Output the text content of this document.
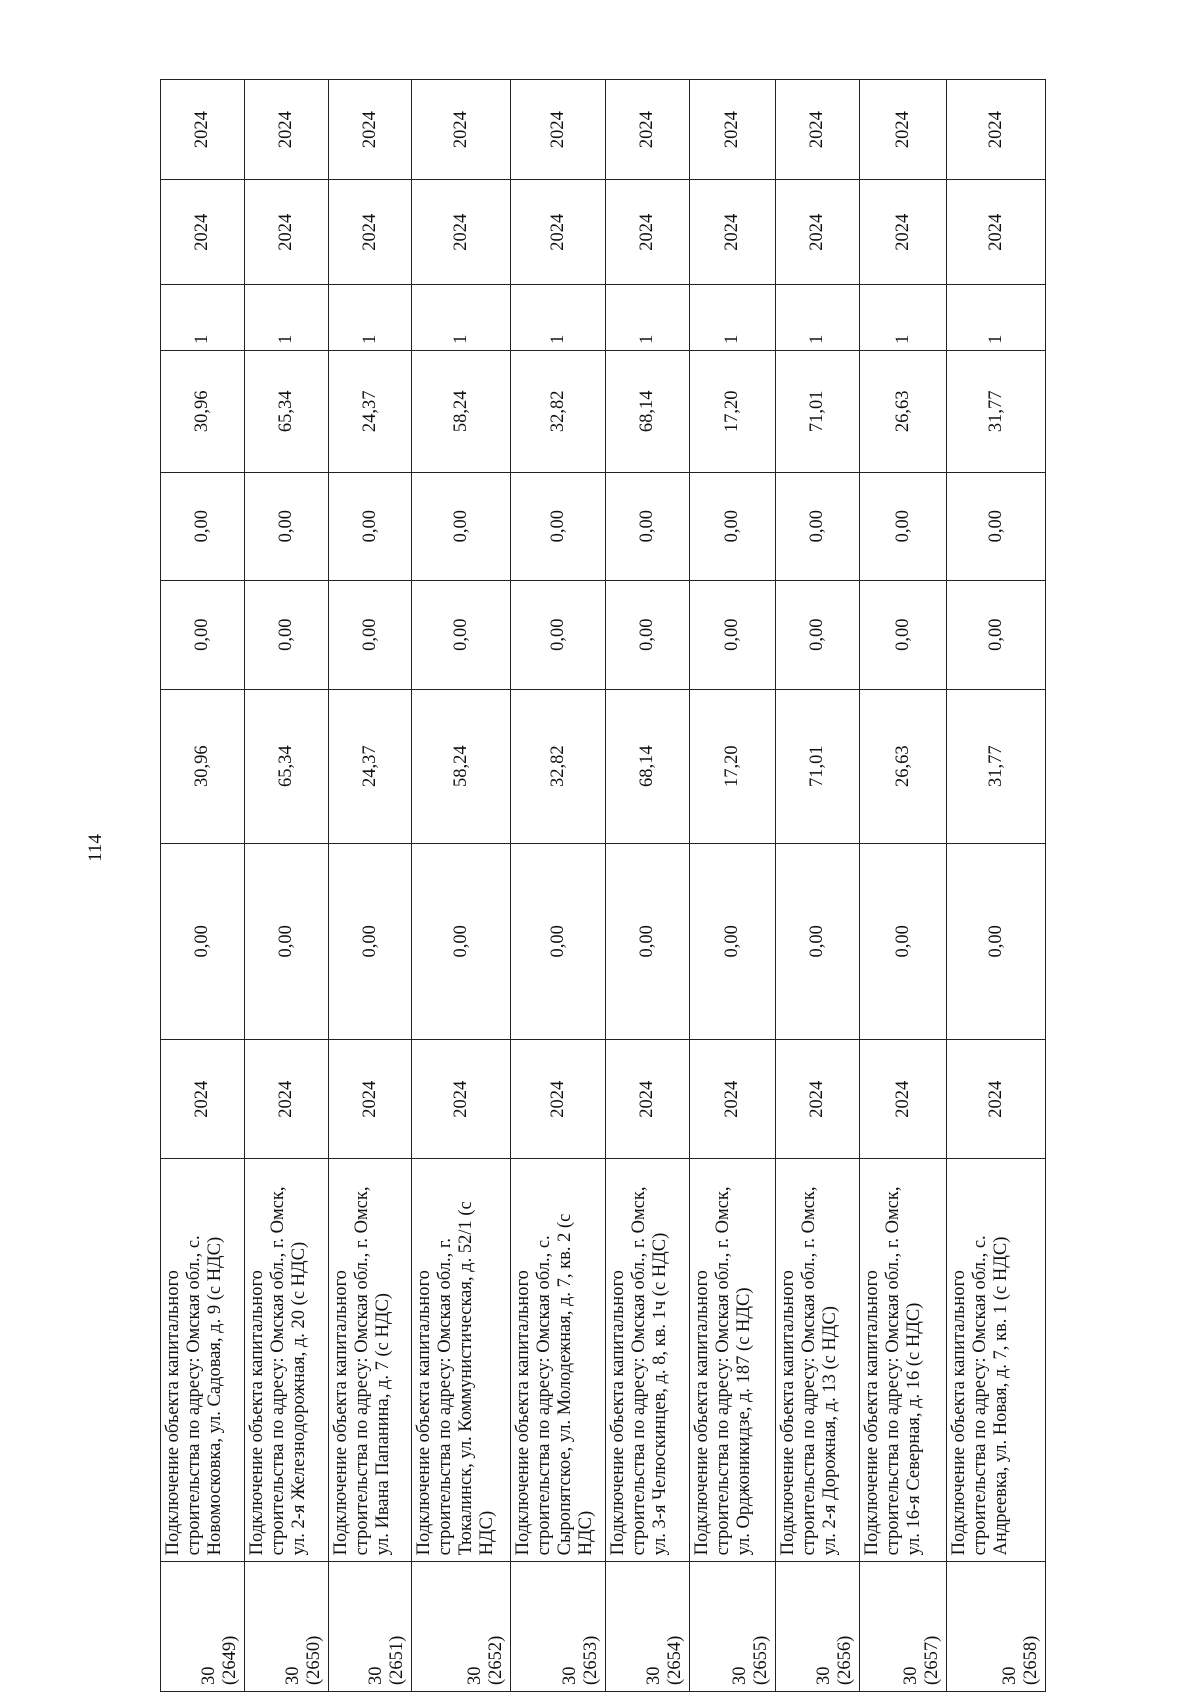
114
30 (2649)	Подключение объекта капитального строительства по адресу: Омская обл., с. Новомосковка, ул. Садовая, д. 9 (с НДС)	2024	0,00	30,96	0,00	0,00	30,96	1	2024	2024

30 (2650)	Подключение объекта капитального строительства по адресу: Омская обл., г. Омск, ул. 2-я Железнодорожная, д. 20 (с НДС)	2024	0,00	65,34	0,00	0,00	65,34	1	2024	2024

30 (2651)	Подключение объекта капитального строительства по адресу: Омская обл., г. Омск, ул. Ивана Папанина, д. 7 (с НДС)	2024	0,00	24,37	0,00	0,00	24,37	1	2024	2024

30 (2652)	Подключение объекта капитального строительства по адресу: Омская обл., г. Тюкалинск, ул. Коммунистическая, д. 52/1 (с НДС)	2024	0,00	58,24	0,00	0,00	58,24	1	2024	2024

30 (2653)	Подключение объекта капитального строительства по адресу: Омская обл., с. Сыропятское, ул. Молодежная, д. 7, кв. 2 (с НДС)	2024	0,00	32,82	0,00	0,00	32,82	1	2024	2024

30 (2654)	Подключение объекта капитального строительства по адресу: Омская обл., г. Омск, ул. 3-я Челюскинцев, д. 8, кв. 1ч (с НДС)	2024	0,00	68,14	0,00	0,00	68,14	1	2024	2024

30 (2655)	Подключение объекта капитального строительства по адресу: Омская обл., г. Омск, ул. Орджоникидзе, д. 187 (с НДС)	2024	0,00	17,20	0,00	0,00	17,20	1	2024	2024

30 (2656)	Подключение объекта капитального строительства по адресу: Омская обл., г. Омск, ул. 2-я Дорожная, д. 13 (с НДС)	2024	0,00	71,01	0,00	0,00	71,01	1	2024	2024

30 (2657)	Подключение объекта капитального строительства по адресу: Омская обл., г. Омск, ул. 16-я Северная, д. 16 (с НДС)	2024	0,00	26,63	0,00	0,00	26,63	1	2024	2024

30 (2658)	Подключение объекта капитального строительства по адресу: Омская обл., с. Андреевка, ул. Новая, д. 7, кв. 1 (с НДС)	2024	0,00	31,77	0,00	0,00	31,77	1	2024	2024
